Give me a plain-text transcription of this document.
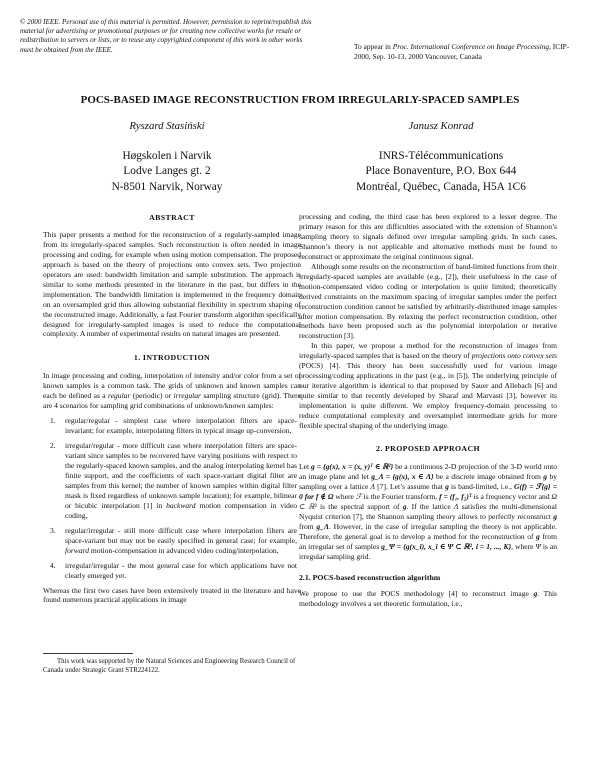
© 2000 IEEE. Personal use of this material is permitted. However, permission to reprint/republish this material for advertising or promotional purposes or for creating new collective works for resale or redistribution to servers or lists, or to reuse any copyrighted component of this work in other works must be obtained from the IEEE.	To appear in Proc. International Conference on Image Processing, ICIP-2000, Sep. 10-13, 2000 Vancouver, Canada
POCS-BASED IMAGE RECONSTRUCTION FROM IRREGULARLY-SPACED SAMPLES
Ryszard Stasiński
Høgskolen i Narvik
Lodve Langes gt. 2
N-8501 Narvik, Norway
Janusz Konrad
INRS-Télécommunications
Place Bonaventure, P.O. Box 644
Montréal, Québec, Canada, H5A 1C6
ABSTRACT

This paper presents a method for the reconstruction of a regularly-sampled image from its irregularly-spaced samples. Such reconstruction is often needed in image processing and coding, for example when using motion compensation. The proposed approach is based on the theory of projections onto convex sets. Two projection operators are used: bandwidth limitation and sample substitution. The approach is similar to some methods presented in the literature in the past, but differs in the implementation. The bandwidth limitation is implemented in the frequency domain on an oversampled grid thus allowing substantial flexibility in spectrum shaping of the reconstructed image. Additionally, a fast Fourier transform algorithm specifically designed for irregularly-sampled images is used to reduce the computational complexity. A number of experimental results on natural images are presented.

1. INTRODUCTION

In image processing and coding, interpolation of intensity and/or color from a set of known samples is a common task. The grids of unknown and known samples can each be defined as a regular (periodic) or irregular sampling structure (grid). There are 4 scenarios for sampling grid combinations of unknown/known samples:

1. regular/regular - simplest case where interpolation filters are space-invariant; for example, interpolating filters in typical image up-conversion,
2. irregular/regular - more difficult case where interpolation filters are space-variant since samples to be recovered have varying positions with respect to the regularly-spaced known samples, and the analog interpolating kernel has finite support, and the coefficients of each space-variant digital filter are samples from this kernel; the number of known samples within digital filter mask is fixed regardless of unknown sample location); for example, bilinear or bicubic interpolation [1] in backward motion compensation in video coding,
3. regular/irregular - still more difficult case where interpolation filters are space-variant but may not be easily specified in general case; for example, forward motion-compensation in advanced video coding/interpolation,
4. irregular/irregular - the most general case for which applications have not clearly emerged yet.

Whereas the first two cases have been extensively treated in the literature and have found numerous practical applications in image

This work was supported by the Natural Sciences and Engineering Research Council of Canada under Strategic Grant STR224122.

processing and coding, the third case has been explored to a lesser degree. The primary reason for this are difficulties associated with the extension of Shannon’s sampling theory to signals defined over irregular sampling grids. In such cases, Shannon’s theory is not applicable and alternative methods must be found to reconstruct or approximate the original continuous signal.

Although some results on the reconstruction of band-limited functions from their irregularly-spaced samples are available (e.g., [2]), their usefulness in the case of motion-compensated video coding or interpolation is quite limited; theoretically derived constraints on the maximum spacing of irregular samples under the perfect reconstruction condition cannot be satisfied by arbitrarily-distributed image samples after motion compensation. By relaxing the perfect reconstruction condition, other methods have been proposed such as the polynomial interpolation or iterative reconstruction [3].

In this paper, we propose a method for the reconstruction of images from irregularly-spaced samples that is based on the theory of projections onto convex sets (POCS) [4]. This theory has been successfully used for various image processing/coding applications in the past (e.g., in [5]). The underlying principle of our iterative algorithm is identical to that proposed by Sauer and Allebach [6] and quite similar to that recently developed by Sharaf and Marvasti [3], however its implementation is quite different. We employ frequency-domain processing to reduce computational complexity and oversampled intermediate grids for more flexible spectral shaping of the underlying image.

2. PROPOSED APPROACH

Let g = {g(x), x = (x, y)ᵀ ∈ ℝ²} be a continuous 2-D projection of the 3-D world onto an image plane and let g_Λ = {g(x), x ∈ Λ} be a discrete image obtained from g by sampling over a lattice Λ [7]. Let’s assume that g is band-limited, i.e., G(f) = ℱ{g} = 0 for f ∉ Ω where ℱ is the Fourier transform, f = (f₁, f₂)ᵀ is a frequency vector and Ω ⊂ ℝ² is the spectral support of g. If the lattice Λ satisfies the multi-dimensional Nyquist criterion [7], the Shannon sampling theory allows to perfectly reconstruct g from g_Λ. However, in the case of irregular sampling the theory is not applicable. Therefore, the general goal is to develop a method for the reconstruction of g from an irregular set of samples g_Ψ = {g(x_i), x_i ∈ Ψ ⊂ ℝ², i = 1, ..., K}, where Ψ is an irregular sampling grid.

2.1. POCS-based reconstruction algorithm

We propose to use the POCS methodology [4] to reconstruct image g. This methodology involves a set theoretic formulation, i.e.,
